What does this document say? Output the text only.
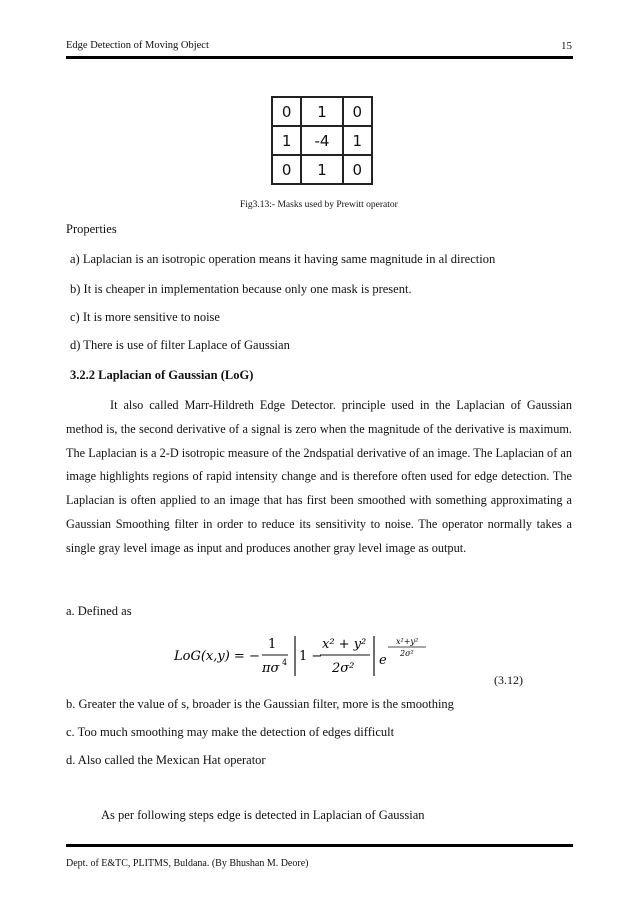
Edge Detection of Moving Object	15
0	1	0
1	-4	1
0	1	0
Fig3.13:- Masks used by Prewitt operator
Properties
a) Laplacian is an isotropic operation means it having same magnitude in al direction
b) It is cheaper in implementation because only one mask is present.
c) It is more sensitive to noise
d) There is use of filter Laplace of Gaussian
3.2.2 Laplacian of Gaussian (LoG)
It also called Marr-Hildreth Edge Detector. principle used in the Laplacian of Gaussian method is, the second derivative of a signal is zero when the magnitude of the derivative is maximum. The Laplacian is a 2-D isotropic measure of the 2ndspatial derivative of an image. The Laplacian of an image highlights regions of rapid intensity change and is therefore often used for edge detection. The Laplacian is often applied to an image that has first been smoothed with something approximating a Gaussian Smoothing filter in order to reduce its sensitivity to noise. The operator normally takes a single gray level image as input and produces another gray level image as output.
a. Defined as
LoG(x,y) = −
1
πσ 4 1 −
x² + y²
2σ²
e
x²+y²
2σ²
(3.12)
b. Greater the value of s, broader is the Gaussian filter, more is the smoothing
c. Too much smoothing may make the detection of edges difficult
d. Also called the Mexican Hat operator
As per following steps edge is detected in Laplacian of Gaussian
Dept. of E&TC, PLITMS, Buldana. (By Bhushan M. Deore)
